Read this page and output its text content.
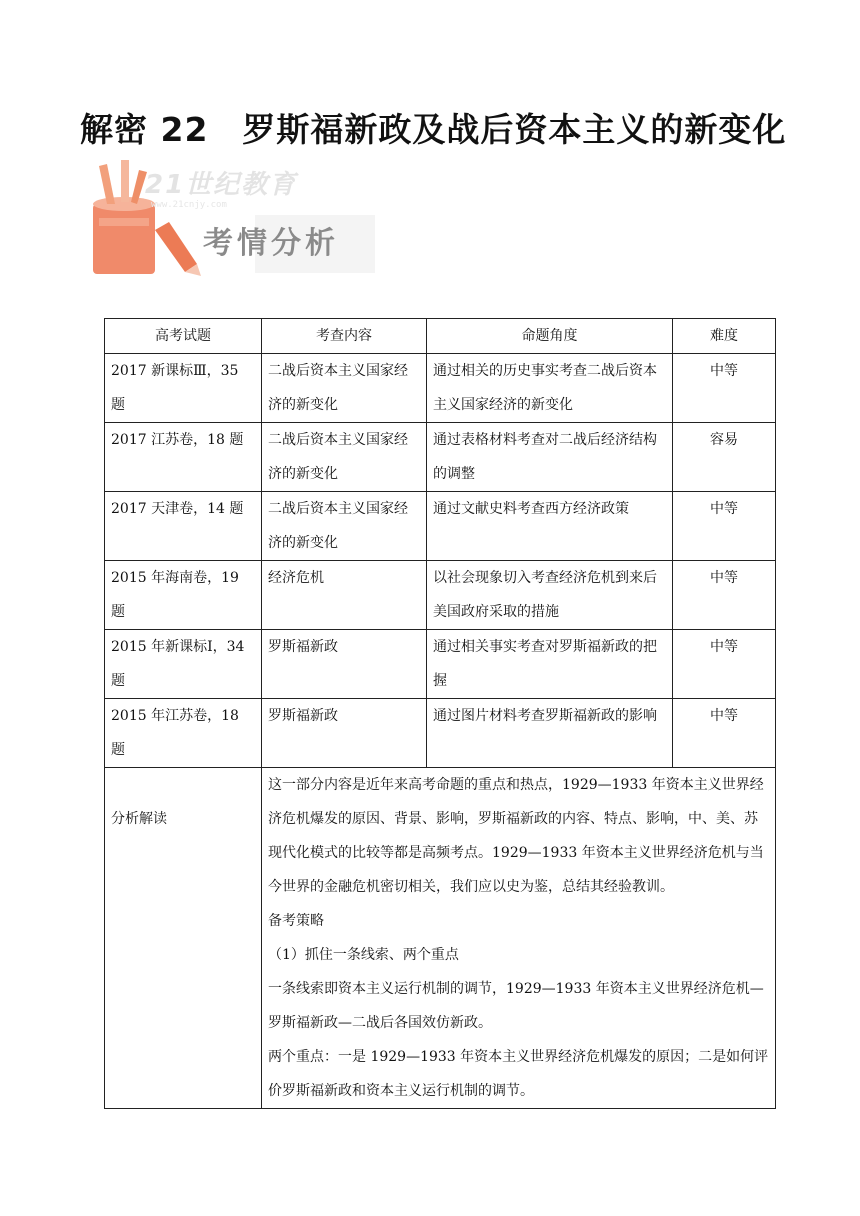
解密 22　罗斯福新政及战后资本主义的新变化
21世纪教育
www.21cnjy.com
考情分析
高考试题	考查内容	命题角度	难度
2017 新课标Ⅲ，35 题	二战后资本主义国家经济的新变化	通过相关的历史事实考查二战后资本主义国家经济的新变化	中等
2017 江苏卷，18 题	二战后资本主义国家经济的新变化	通过表格材料考查对二战后经济结构的调整	容易
2017 天津卷，14 题	二战后资本主义国家经济的新变化	通过文献史料考查西方经济政策	中等
2015 年海南卷，19 题	经济危机	以社会现象切入考查经济危机到来后美国政府采取的措施	中等
2015 年新课标Ⅰ，34 题	罗斯福新政	通过相关事实考查对罗斯福新政的把握	中等
2015 年江苏卷，18 题	罗斯福新政	通过图片材料考查罗斯福新政的影响	中等
分析解读	这一部分内容是近年来高考命题的重点和热点，1929—1933 年资本主义世界经济危机爆发的原因、背景、影响，罗斯福新政的内容、特点、影响，中、美、苏现代化模式的比较等都是高频考点。1929—1933 年资本主义世界经济危机与当今世界的金融危机密切相关，我们应以史为鉴，总结其经验教训。
备考策略
（1）抓住一条线索、两个重点
一条线索即资本主义运行机制的调节，1929—1933 年资本主义世界经济危机—罗斯福新政—二战后各国效仿新政。
两个重点：一是 1929—1933 年资本主义世界经济危机爆发的原因；二是如何评价罗斯福新政和资本主义运行机制的调节。		
